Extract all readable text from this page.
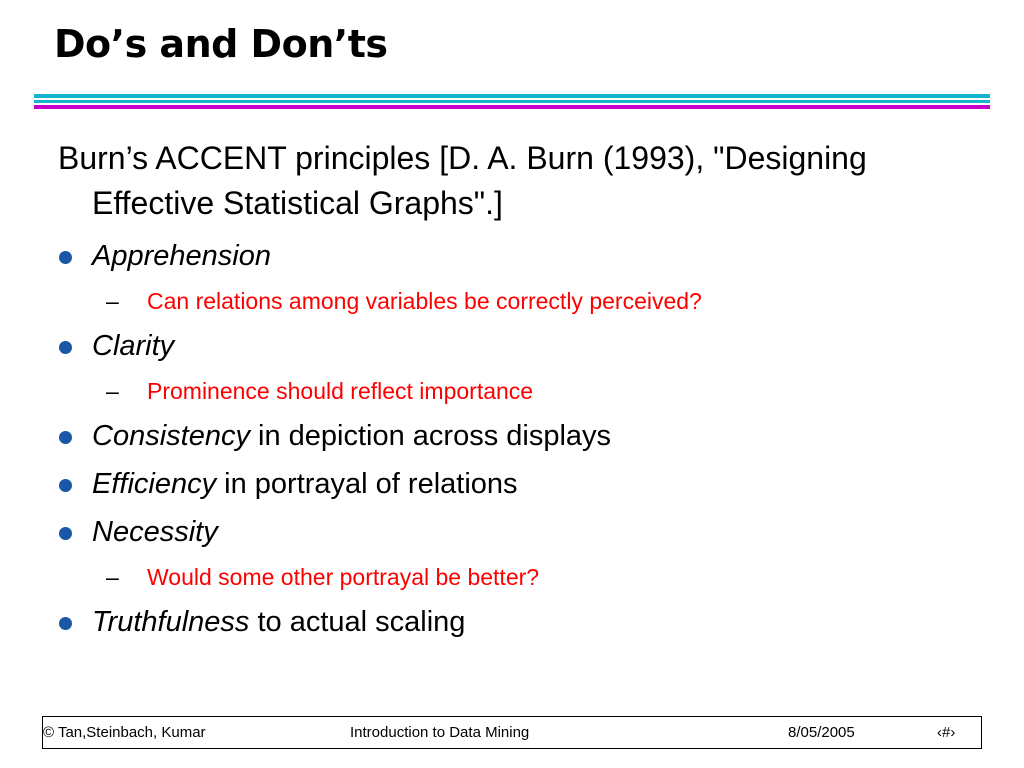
Do’s and Don’ts

Burn’s ACCENT principles [D. A. Burn (1993), "Designing Effective Statistical Graphs".]

Apprehension
– Can relations among variables be correctly perceived?
Clarity
– Prominence should reflect importance
Consistency in depiction across displays
Efficiency in portrayal of relations
Necessity
– Would some other portrayal be better?
Truthfulness to actual scaling
© Tan,Steinbach, Kumar	Introduction to Data Mining	8/05/2005	‹#›
